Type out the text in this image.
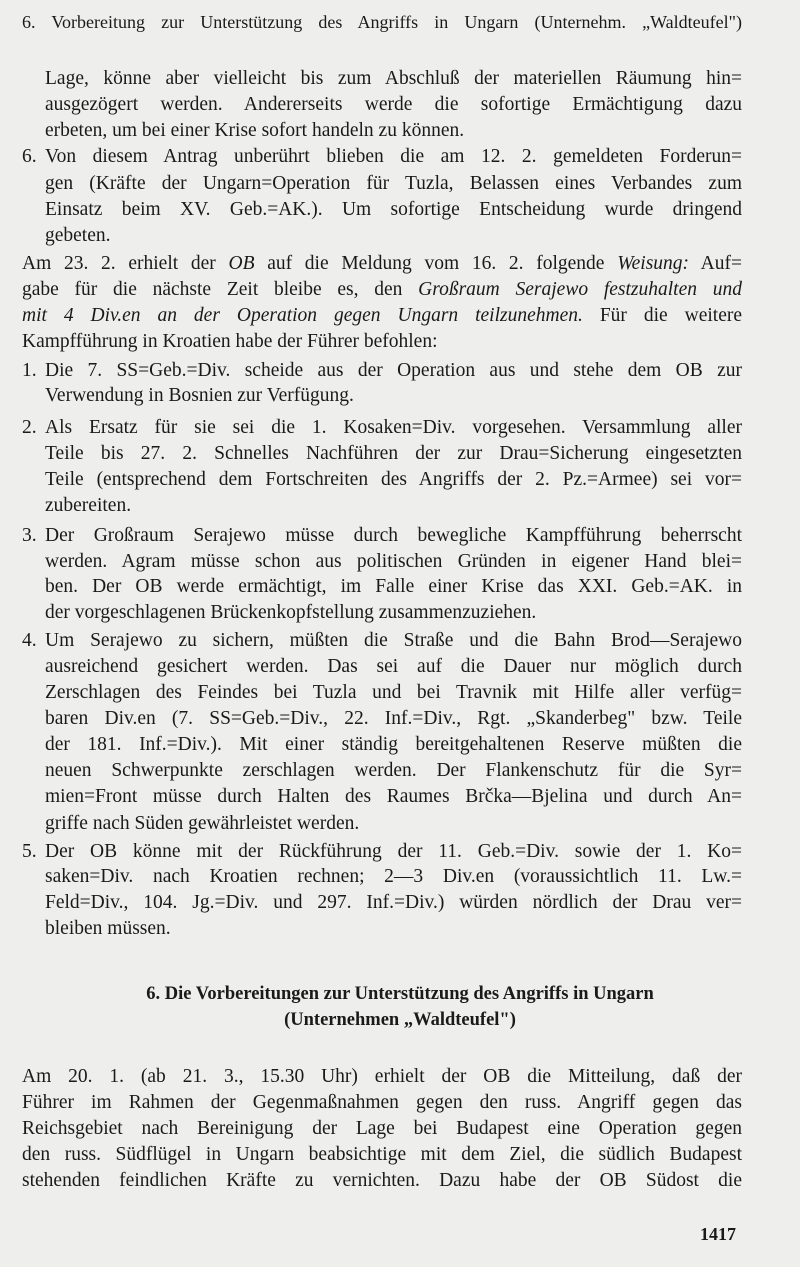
6. Vorbereitung zur Unterstützung des Angriffs in Ungarn (Unternehm. „Waldteufel")
Lage, könne aber vielleicht bis zum Abschluß der materiellen Räumung hin=
ausgezögert werden. Andererseits werde die sofortige Ermächtigung dazu
erbeten, um bei einer Krise sofort handeln zu können.
6. Von diesem Antrag unberührt blieben die am 12. 2. gemeldeten Forderun=
gen (Kräfte der Ungarn=Operation für Tuzla, Belassen eines Verbandes zum
Einsatz beim XV. Geb.=AK.). Um sofortige Entscheidung wurde dringend
gebeten.
Am 23. 2. erhielt der OB auf die Meldung vom 16. 2. folgende Weisung: Auf=
gabe für die nächste Zeit bleibe es, den Großraum Serajewo festzuhalten und
mit 4 Div.en an der Operation gegen Ungarn teilzunehmen. Für die weitere
Kampfführung in Kroatien habe der Führer befohlen:
1. Die 7. SS=Geb.=Div. scheide aus der Operation aus und stehe dem OB zur
Verwendung in Bosnien zur Verfügung.
2. Als Ersatz für sie sei die 1. Kosaken=Div. vorgesehen. Versammlung aller
Teile bis 27. 2. Schnelles Nachführen der zur Drau=Sicherung eingesetzten
Teile (entsprechend dem Fortschreiten des Angriffs der 2. Pz.=Armee) sei vor=
zubereiten.
3. Der Großraum Serajewo müsse durch bewegliche Kampfführung beherrscht
werden. Agram müsse schon aus politischen Gründen in eigener Hand blei=
ben. Der OB werde ermächtigt, im Falle einer Krise das XXI. Geb.=AK. in
der vorgeschlagenen Brückenkopfstellung zusammenzuziehen.
4. Um Serajewo zu sichern, müßten die Straße und die Bahn Brod—Serajewo
ausreichend gesichert werden. Das sei auf die Dauer nur möglich durch
Zerschlagen des Feindes bei Tuzla und bei Travnik mit Hilfe aller verfüg=
baren Div.en (7. SS=Geb.=Div., 22. Inf.=Div., Rgt. „Skanderbeg" bzw. Teile
der 181. Inf.=Div.). Mit einer ständig bereitgehaltenen Reserve müßten die
neuen Schwerpunkte zerschlagen werden. Der Flankenschutz für die Syr=
mien=Front müsse durch Halten des Raumes Brčka—Bjelina und durch An=
griffe nach Süden gewährleistet werden.
5. Der OB könne mit der Rückführung der 11. Geb.=Div. sowie der 1. Ko=
saken=Div. nach Kroatien rechnen; 2—3 Div.en (voraussichtlich 11. Lw.=
Feld=Div., 104. Jg.=Div. und 297. Inf.=Div.) würden nördlich der Drau ver=
bleiben müssen.
6. Die Vorbereitungen zur Unterstützung des Angriffs in Ungarn
(Unternehmen „Waldteufel")
Am 20. 1. (ab 21. 3., 15.30 Uhr) erhielt der OB die Mitteilung, daß der
Führer im Rahmen der Gegenmaßnahmen gegen den russ. Angriff gegen das
Reichsgebiet nach Bereinigung der Lage bei Budapest eine Operation gegen
den russ. Südflügel in Ungarn beabsichtige mit dem Ziel, die südlich Budapest
stehenden feindlichen Kräfte zu vernichten. Dazu habe der OB Südost die
1417
